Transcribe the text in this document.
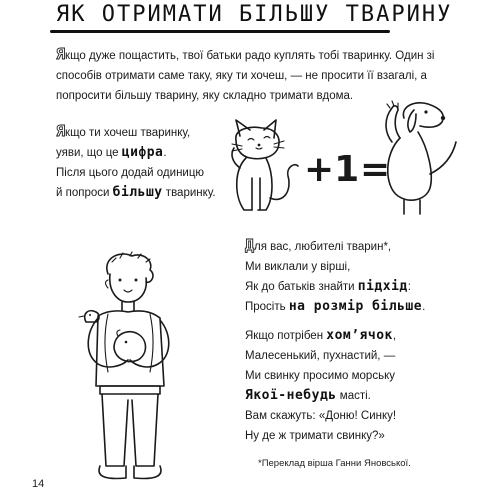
ЯК ОТРИМАТИ БІЛЬШУ ТВАРИНУ

Якщо дуже пощастить, твої батьки радо куплять тобі тваринку. Один зі способів отримати саме таку, яку ти хочеш, — не просити її взагалі, а попросити більшу тварину, яку складно тримати вдома.

Якщо ти хочеш тваринку,
уяви, що це цифра.
Після цього додай одиницю
й попроси більшу тваринку.
+1 =
Для вас, любителі тварин*,
Ми виклали у вірші,
Як до батьків знайти підхід:
Просіть на розмір більше.
Якщо потрібен хом’ячок,
Малесенький, пухнастий, —
Ми свинку просимо морську
Якої-небудь масті.
Вам скажуть: «Доню! Синку!
Ну де ж тримати свинку?»
*Переклад вірша Ганни Яновської.
14
